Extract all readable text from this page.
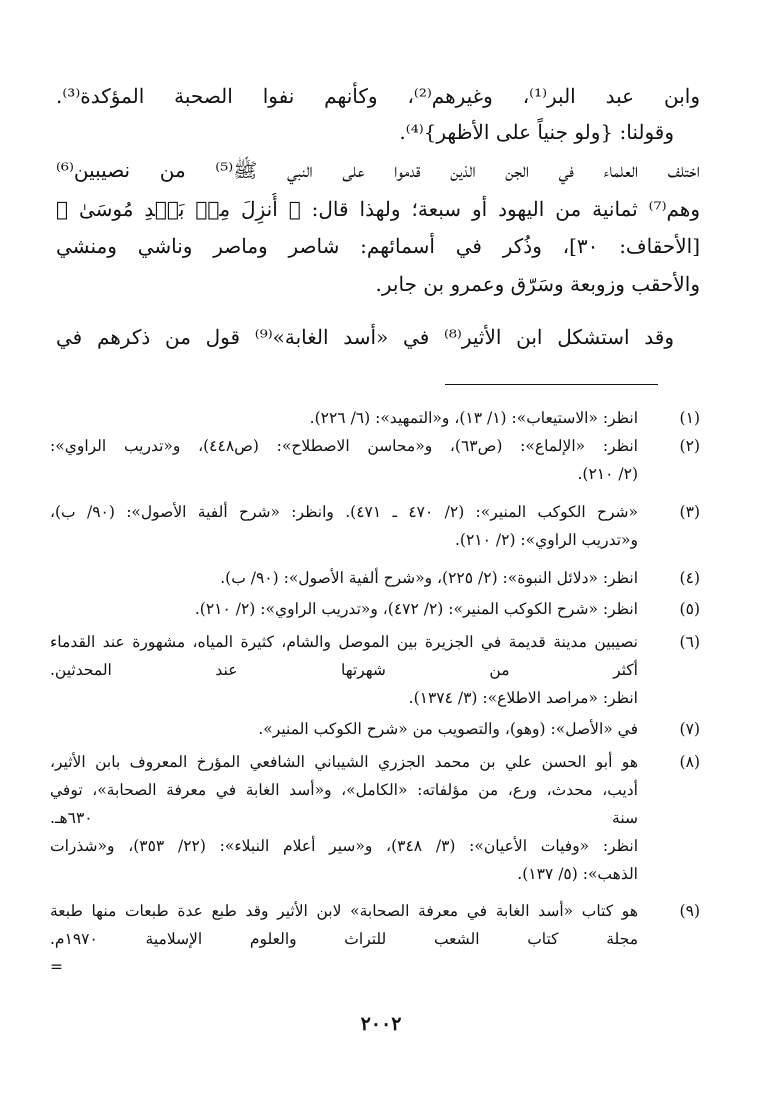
وابن عبد البر⁽¹⁾، وغيرهم⁽²⁾، وكأنهم نفوا الصحبة المؤكدة⁽³⁾.
وقولنا: {ولو جنياً على الأظهر}⁽⁴⁾.
اختلف العلماء في الجن الذين قدموا على النبي ﷺ⁽⁵⁾ من نصيبين⁽⁶⁾
وهم⁽⁷⁾ ثمانية من اليهود أو سبعة؛ ولهذا قال: ﴿ أُنزِلَ مِنۢ بَعۡدِ مُوسَىٰ ﴾
[الأحقاف: ٣٠]، وذُكر في أسمائهم: شاصر وماصر وناشي ومنشي
والأحقب وزوبعة وسَرّق وعمرو بن جابر.
وقد استشكل ابن الأثير⁽⁸⁾ في «أسد الغابة»⁽⁹⁾ قول من ذكرهم في
(١)
انظر: «الاستيعاب»: (١/ ١٣)، و«التمهيد»: (٦/ ٢٢٦).
(٢)
انظر: «الإلماع»: (ص٦٣)، و«محاسن الاصطلاح»: (ص٤٤٨)، و«تدريب الراوي»:
(٢/ ٢١٠).
(٣)
«شرح الكوكب المنير»: (٢/ ٤٧٠ ـ ٤٧١). وانظر: «شرح ألفية الأصول»: (٩٠/ ب)،
و«تدريب الراوي»: (٢/ ٢١٠).
(٤)
انظر: «دلائل النبوة»: (٢/ ٢٢٥)، و«شرح ألفية الأصول»: (٩٠/ ب).
(٥)
انظر: «شرح الكوكب المنير»: (٢/ ٤٧٢)، و«تدريب الراوي»: (٢/ ٢١٠).
(٦)
نصيبين مدينة قديمة في الجزيرة بين الموصل والشام، كثيرة المياه، مشهورة عند القدماء
أكثر من شهرتها عند المحدثين.
انظر: «مراصد الاطلاع»: (٣/ ١٣٧٤).
(٧)
في «الأصل»: (وهو)، والتصويب من «شرح الكوكب المنير».
(٨)
هو أبو الحسن علي بن محمد الجزري الشيباني الشافعي المؤرخ المعروف بابن الأثير،
أديب، محدث، ورع، من مؤلفاته: «الكامل»، و«أسد الغابة في معرفة الصحابة»، توفي
سنة ٦٣٠هـ.
انظر: «وفيات الأعيان»: (٣/ ٣٤٨)، و«سير أعلام النبلاء»: (٢٢/ ٣٥٣)، و«شذرات
الذهب»: (٥/ ١٣٧).
(٩)
هو كتاب «أسد الغابة في معرفة الصحابة» لابن الأثير وقد طبع عدة طبعات منها طبعة
مجلة كتاب الشعب للتراث والعلوم الإسلامية ١٩٧٠م.
=
٢٠٠٢
